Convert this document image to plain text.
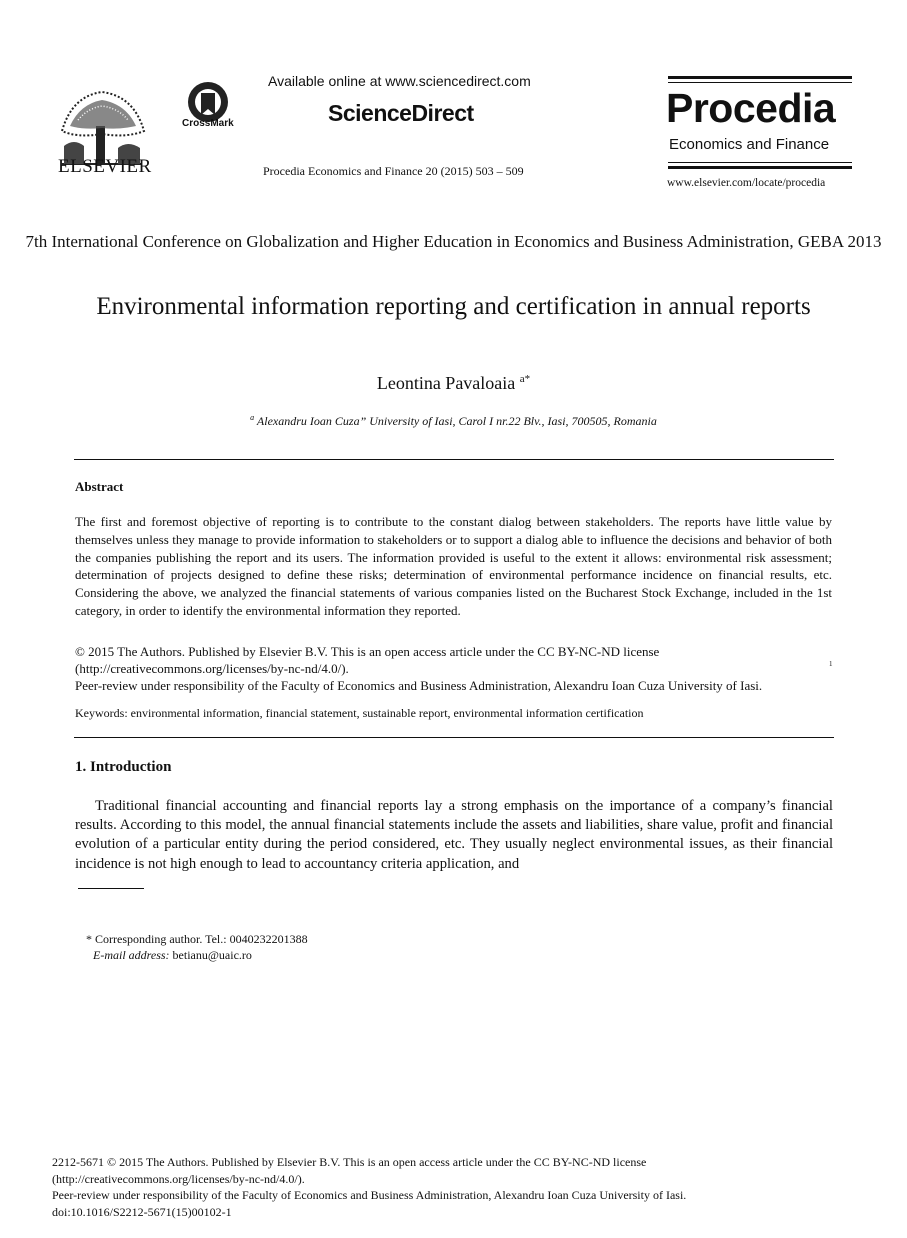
ELSEVIER
CrossMark
Available online at www.sciencedirect.com
ScienceDirect
Procedia Economics and Finance 20 (2015) 503 – 509
Procedia
Economics and Finance
www.elsevier.com/locate/procedia
7th International Conference on Globalization and Higher Education in Economics and Business Administration, GEBA 2013
Environmental information reporting and certification in annual reports
Leontina Pavaloaia $^{a*}$
$^a$ Alexandru Ioan Cuza” University of Iasi, Carol I nr.22 Blv., Iasi, 700505, Romania
Abstract
The first and foremost objective of reporting is to contribute to the constant dialog between stakeholders. The reports have little value by themselves unless they manage to provide information to stakeholders or to support a dialog able to influence the decisions and behavior of both the companies publishing the report and its users. The information provided is useful to the extent it allows: environmental risk assessment; determination of projects designed to define these risks; determination of environmental performance incidence on financial results, etc. Considering the above, we analyzed the financial statements of various companies listed on the Bucharest Stock Exchange, included in the 1st category, in order to identify the environmental information they reported.
© 2015 The Authors. Published by Elsevier B.V. This is an open access article under the CC BY-NC-ND license
(http://creativecommons.org/licenses/by-nc-nd/4.0/).
Peer-review under responsibility of the Faculty of Economics and Business Administration, Alexandru Ioan Cuza University of Iasi.
1
Keywords: environmental information, financial statement, sustainable report, environmental information certification
1. Introduction
Traditional financial accounting and financial reports lay a strong emphasis on the importance of a company’s financial results. According to this model, the annual financial statements include the assets and liabilities, share value, profit and financial evolution of a particular entity during the period considered, etc. They usually neglect environmental issues, as their financial incidence is not high enough to lead to accountancy criteria application, and
* Corresponding author. Tel.: 0040232201388
E-mail address: betianu@uaic.ro
2212-5671 © 2015 The Authors. Published by Elsevier B.V. This is an open access article under the CC BY-NC-ND license
(http://creativecommons.org/licenses/by-nc-nd/4.0/).
Peer-review under responsibility of the Faculty of Economics and Business Administration, Alexandru Ioan Cuza University of Iasi.
doi:10.1016/S2212-5671(15)00102-1
